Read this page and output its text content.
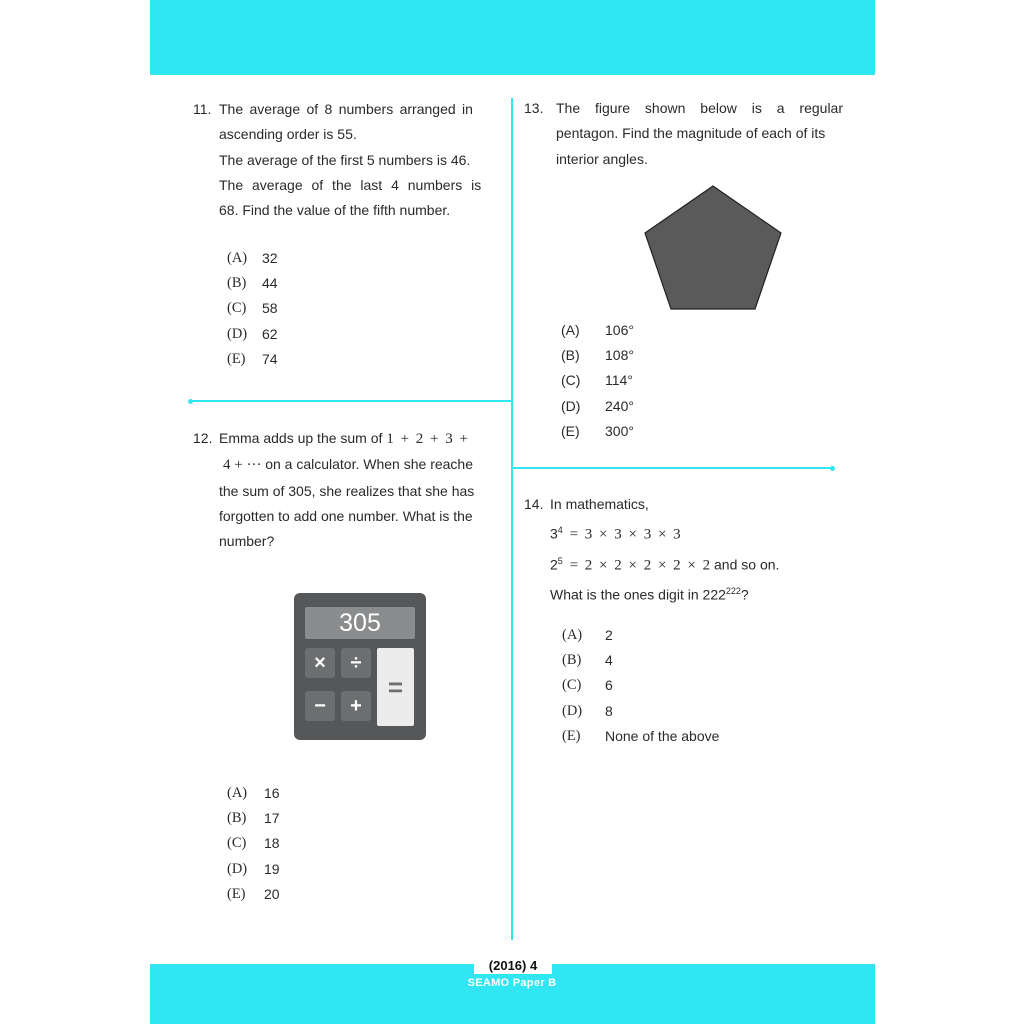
11. The average of 8 numbers arranged in
ascending order is 55.
The average of the first 5 numbers is 46.
The average of the last 4 numbers is
68. Find the value of the fifth number.
(A) 32
(B) 44
(C) 58
(D) 62
(E) 74
12. Emma adds up the sum of 1 + 2 + 3 +
4 + ··· on a calculator. When she reache
the sum of 305, she realizes that she has
forgotten to add one number. What is the
number?
305
×	÷
−	+
=
(A) 16
(B) 17
(C) 18
(D) 19
(E) 20
13. The figure shown below is a regular
pentagon. Find the magnitude of each of its
interior angles.
(A) 106°
(B) 108°
(C) 114°
(D) 240°
(E) 300°
14. In mathematics,
$3^4 = 3 \times 3 \times 3 \times 3$
$2^5 = 2 \times 2 \times 2 \times 2 \times 2$ and so on.
What is the ones digit in $222^{222}$?
(A) 2
(B) 4
(C) 6
(D) 8
(E) None of the above
(2016) 4
SEAMO Paper B
